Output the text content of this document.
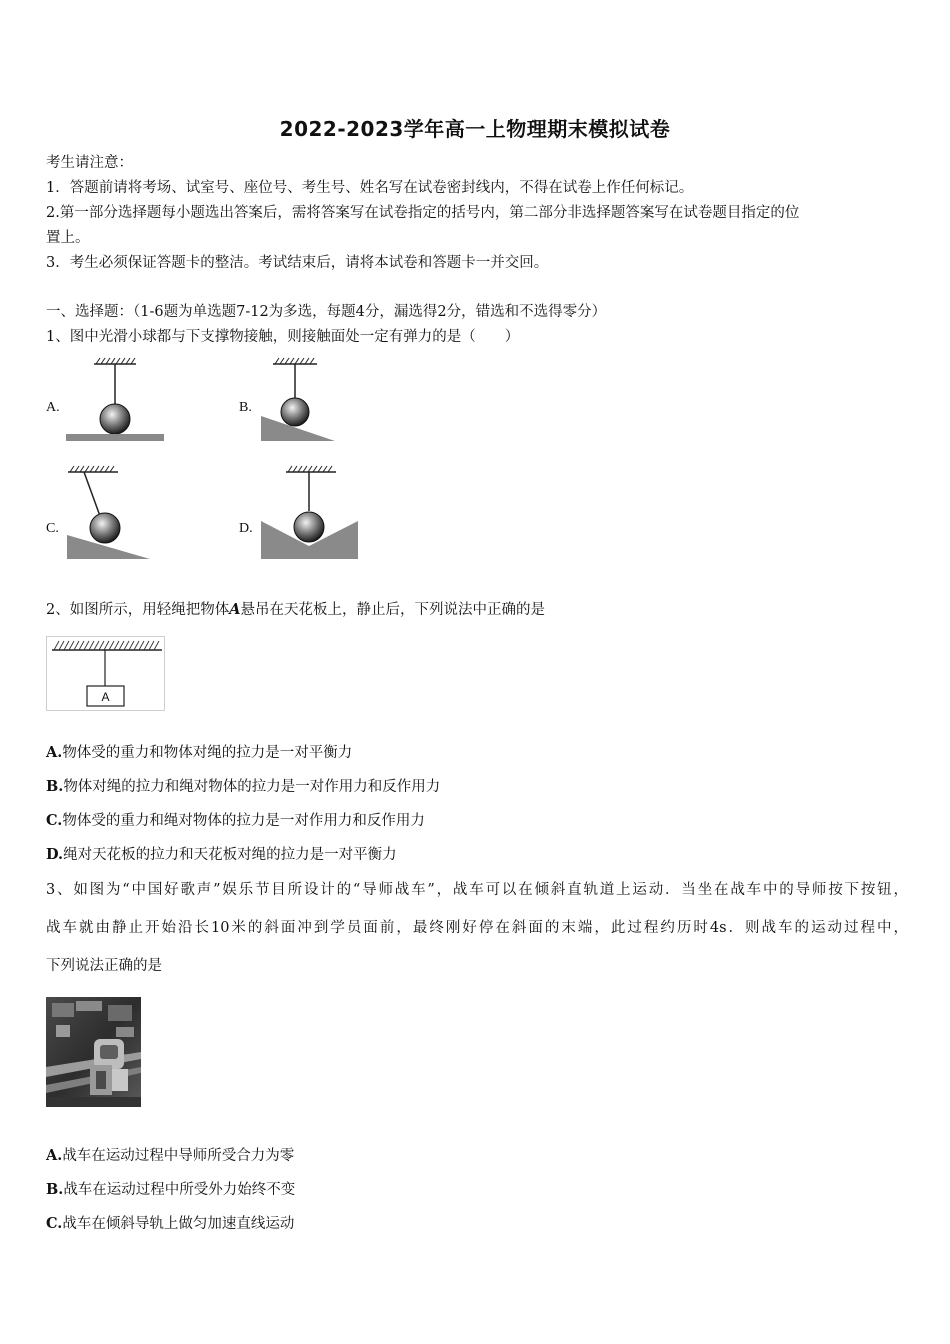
2022-2023学年高一上物理期末模拟试卷
考生请注意：
1．答题前请将考场、试室号、座位号、考生号、姓名写在试卷密封线内，不得在试卷上作任何标记。
2.第一部分选择题每小题选出答案后，需将答案写在试卷指定的括号内，第二部分非选择题答案写在试卷题目指定的位
置上。
3．考生必须保证答题卡的整洁。考试结束后，请将本试卷和答题卡一并交回。
一、选择题：（1-6题为单选题7-12为多选，每题4分，漏选得2分，错选和不选得零分）
1、图中光滑小球都与下支撑物接触，则接触面处一定有弹力的是（　　）
A.	B.
C.	D.
2、如图所示，用轻绳把物体A悬吊在天花板上，静止后，下列说法中正确的是
A
A.物体受的重力和物体对绳的拉力是一对平衡力
B.物体对绳的拉力和绳对物体的拉力是一对作用力和反作用力
C.物体受的重力和绳对物体的拉力是一对作用力和反作用力
D.绳对天花板的拉力和天花板对绳的拉力是一对平衡力
3、如图为“中国好歌声”娱乐节目所设计的“导师战车”，战车可以在倾斜直轨道上运动．当坐在战车中的导师按下按钮，
战车就由静止开始沿长10米的斜面冲到学员面前，最终刚好停在斜面的末端，此过程约历时4s．则战车的运动过程中，
下列说法正确的是
A.战车在运动过程中导师所受合力为零
B.战车在运动过程中所受外力始终不变
C.战车在倾斜导轨上做匀加速直线运动
